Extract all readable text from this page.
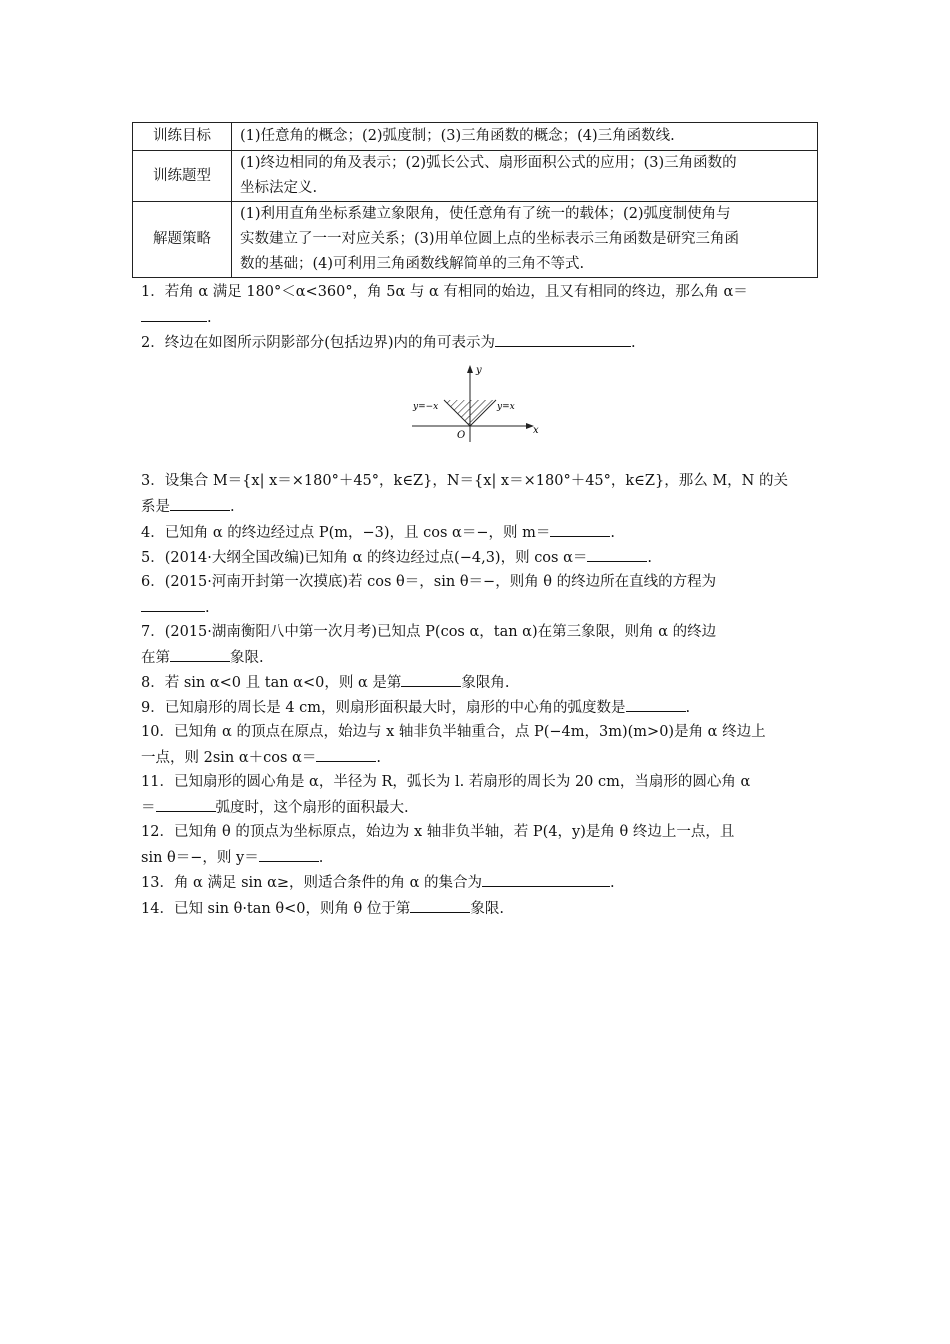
训练目标	(1)任意角的概念；(2)弧度制；(3)三角函数的概念；(4)三角函数线.

训练题型	(1)终边相同的角及表示；(2)弧长公式、扇形面积公式的应用；(3)三角函数的
坐标法定义.

解题策略	(1)利用直角坐标系建立象限角，使任意角有了统一的载体；(2)弧度制使角与
实数建立了一一对应关系；(3)用单位圆上点的坐标表示三角函数是研究三角函
数的基础；(4)可利用三角函数线解简单的三角不等式.
1．若角 α 满足 180°＜α<360°，角 5α 与 α 有相同的始边，且又有相同的终边，那么角 α＝
.
2．终边在如图所示阴影部分(包括边界)内的角可表示为	.
y
x
O
y=−x	y=x
3．设集合 M＝{x| x＝×180°＋45°，k∈Z}，N＝{x| x＝×180°＋45°，k∈Z}，那么 M，N 的关
系是	.
4．已知角 α 的终边经过点 P(m，−3)，且 cos α＝−，则 m＝	.
5．(2014·大纲全国改编)已知角 α 的终边经过点(−4,3)，则 cos α＝	.
6．(2015·河南开封第一次摸底)若 cos θ＝，sin θ＝−，则角 θ 的终边所在直线的方程为
.
7．(2015·湖南衡阳八中第一次月考)已知点 P(cos α，tan α)在第三象限，则角 α 的终边
在第	象限.
8．若 sin α<0 且 tan α<0，则 α 是第	象限角.
9．已知扇形的周长是 4 cm，则扇形面积最大时，扇形的中心角的弧度数是	.
10．已知角 α 的顶点在原点，始边与 x 轴非负半轴重合，点 P(−4m，3m)(m>0)是角 α 终边上
一点，则 2sin α＋cos α＝	.
11．已知扇形的圆心角是 α，半径为 R，弧长为 l. 若扇形的周长为 20 cm，当扇形的圆心角 α
＝	弧度时，这个扇形的面积最大.
12．已知角 θ 的顶点为坐标原点，始边为 x 轴非负半轴，若 P(4，y)是角 θ 终边上一点，且
sin θ＝−，则 y＝	.
13．角 α 满足 sin α≥，则适合条件的角 α 的集合为	.
14．已知 sin θ·tan θ<0，则角 θ 位于第	象限.
